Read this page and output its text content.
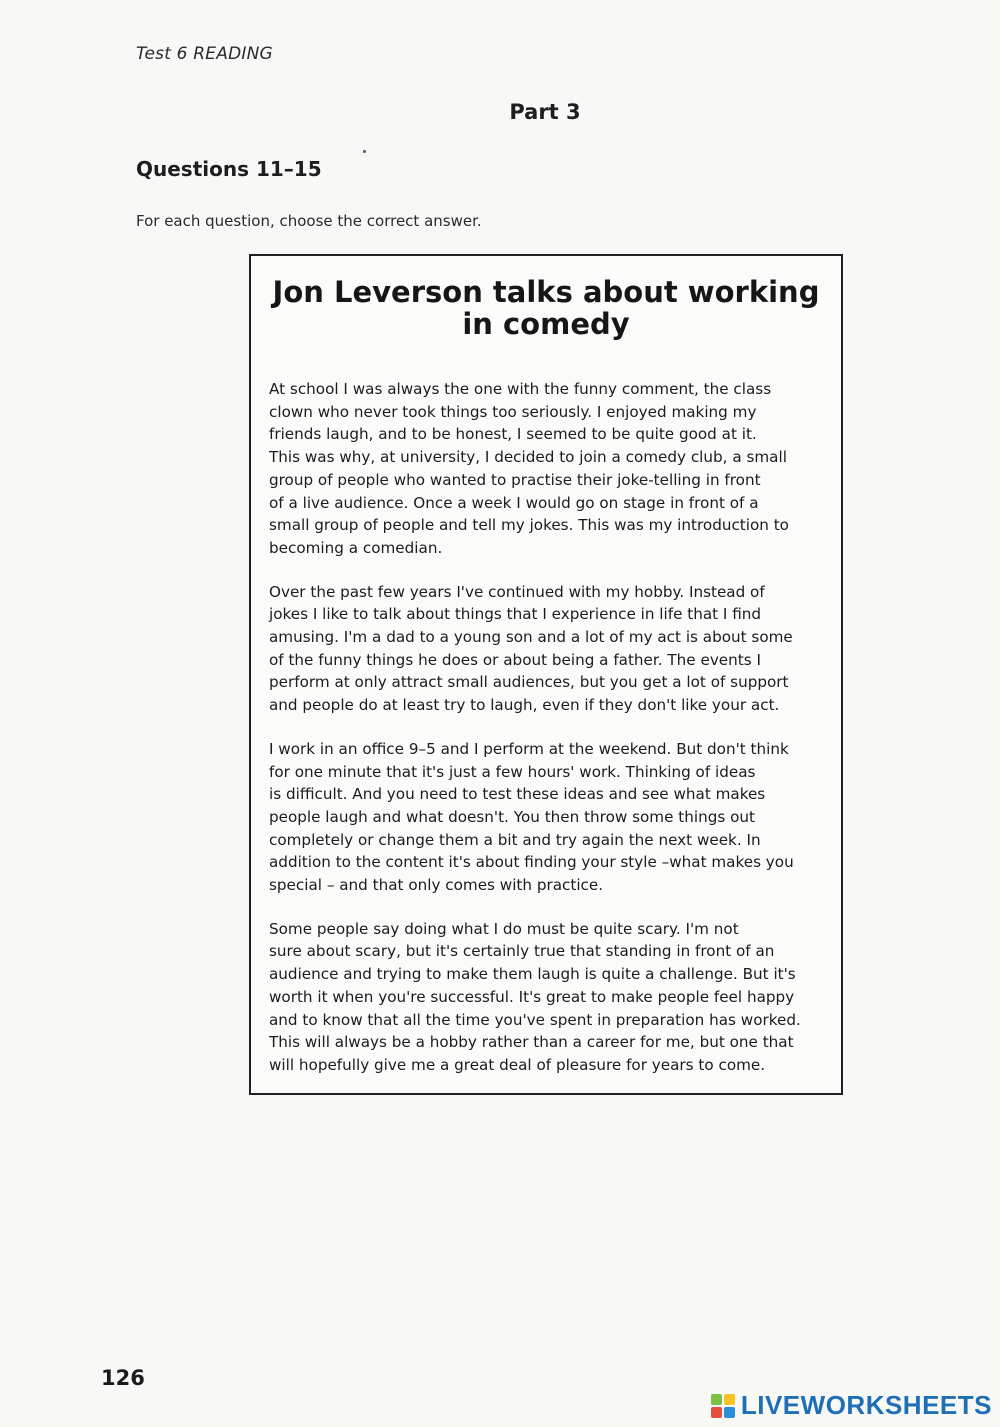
Test 6 READING
Part 3
Questions 11–15
For each question, choose the correct answer.
Jon Leverson talks about working in comedy

At school I was always the one with the funny comment, the class
clown who never took things too seriously. I enjoyed making my
friends laugh, and to be honest, I seemed to be quite good at it.
This was why, at university, I decided to join a comedy club, a small
group of people who wanted to practise their joke-telling in front
of a live audience. Once a week I would go on stage in front of a
small group of people and tell my jokes. This was my introduction to
becoming a comedian.

Over the past few years I've continued with my hobby. Instead of
jokes I like to talk about things that I experience in life that I find
amusing. I'm a dad to a young son and a lot of my act is about some
of the funny things he does or about being a father. The events I
perform at only attract small audiences, but you get a lot of support
and people do at least try to laugh, even if they don't like your act.

I work in an office 9–5 and I perform at the weekend. But don't think
for one minute that it's just a few hours' work. Thinking of ideas
is difficult. And you need to test these ideas and see what makes
people laugh and what doesn't. You then throw some things out
completely or change them a bit and try again the next week. In
addition to the content it's about finding your style –what makes you
special – and that only comes with practice.

Some people say doing what I do must be quite scary. I'm not
sure about scary, but it's certainly true that standing in front of an
audience and trying to make them laugh is quite a challenge. But it's
worth it when you're successful. It's great to make people feel happy
and to know that all the time you've spent in preparation has worked.
This will always be a hobby rather than a career for me, but one that
will hopefully give me a great deal of pleasure for years to come.

126
LIVEWORKSHEETS
